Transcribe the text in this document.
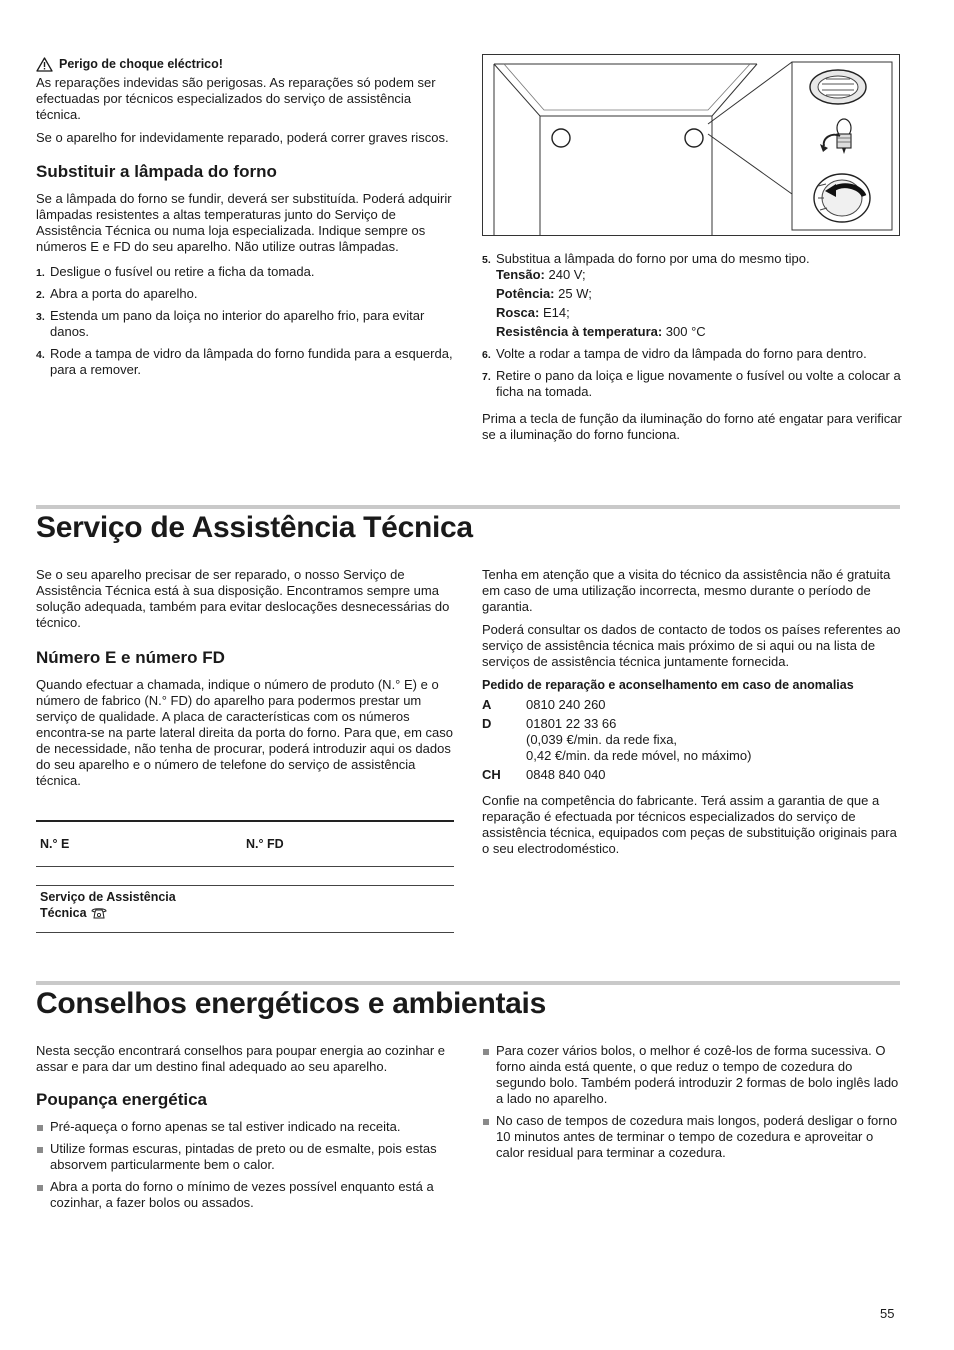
Perigo de choque eléctrico!

As reparações indevidas são perigosas. As reparações só podem ser efectuadas por técnicos especializados do serviço de assistência técnica.

Se o aparelho for indevidamente reparado, poderá correr graves riscos.

Substituir a lâmpada do forno

Se a lâmpada do forno se fundir, deverá ser substituída. Poderá adquirir lâmpadas resistentes a altas temperaturas junto do Serviço de Assistência Técnica ou numa loja especializada. Indique sempre os números E e FD do seu aparelho. Não utilize outras lâmpadas.

1. Desligue o fusível ou retire a ficha da tomada.
2. Abra a porta do aparelho.
3. Estenda um pano da loiça no interior do aparelho frio, para evitar danos.
4. Rode a tampa de vidro da lâmpada do forno fundida para a esquerda, para a remover.
5. Substitua a lâmpada do forno por uma do mesmo tipo.
Tensão: 240 V;
Potência: 25 W;
Rosca: E14;
Resistência à temperatura: 300 °C
6. Volte a rodar a tampa de vidro da lâmpada do forno para dentro.
7. Retire o pano da loiça e ligue novamente o fusível ou volte a colocar a ficha na tomada.

Prima a tecla de função da iluminação do forno até engatar para verificar se a iluminação do forno funciona.

Serviço de Assistência Técnica

Se o seu aparelho precisar de ser reparado, o nosso Serviço de Assistência Técnica está à sua disposição. Encontramos sempre uma solução adequada, também para evitar deslocações desnecessárias do técnico.

Número E e número FD

Quando efectuar a chamada, indique o número de produto (N.° E) e o número de fabrico (N.° FD) do aparelho para podermos prestar um serviço de qualidade. A placa de características com os números encontra-se na parte lateral direita da porta do forno. Para que, em caso de necessidade, não tenha de procurar, poderá introduzir aqui os dados do seu aparelho e o número de telefone do serviço de assistência técnica.

N.° E	N.° FD
Serviço de Assistência
Técnica

Tenha em atenção que a visita do técnico da assistência não é gratuita em caso de uma utilização incorrecta, mesmo durante o período de garantia.

Poderá consultar os dados de contacto de todos os países referentes ao serviço de assistência técnica mais próximo de si aqui ou na lista de serviços de assistência técnica juntamente fornecida.

Pedido de reparação e aconselhamento em caso de anomalias
A	0810 240 260
D	01801 22 33 66
(0,039 €/min. da rede fixa,
0,42 €/min. da rede móvel, no máximo)
CH	0848 840 040

Confie na competência do fabricante. Terá assim a garantia de que a reparação é efectuada por técnicos especializados do serviço de assistência técnica, equipados com peças de substituição originais para o seu electrodoméstico.

Conselhos energéticos e ambientais

Nesta secção encontrará conselhos para poupar energia ao cozinhar e assar e para dar um destino final adequado ao seu aparelho.

Poupança energética
Pré-aqueça o forno apenas se tal estiver indicado na receita.
Utilize formas escuras, pintadas de preto ou de esmalte, pois estas absorvem particularmente bem o calor.
Abra a porta do forno o mínimo de vezes possível enquanto está a cozinhar, a fazer bolos ou assados.
Para cozer vários bolos, o melhor é cozê-los de forma sucessiva. O forno ainda está quente, o que reduz o tempo de cozedura do segundo bolo. Também poderá introduzir 2 formas de bolo inglês lado a lado no aparelho.
No caso de tempos de cozedura mais longos, poderá desligar o forno 10 minutos antes de terminar o tempo de cozedura e aproveitar o calor residual para terminar a cozedura.
55
